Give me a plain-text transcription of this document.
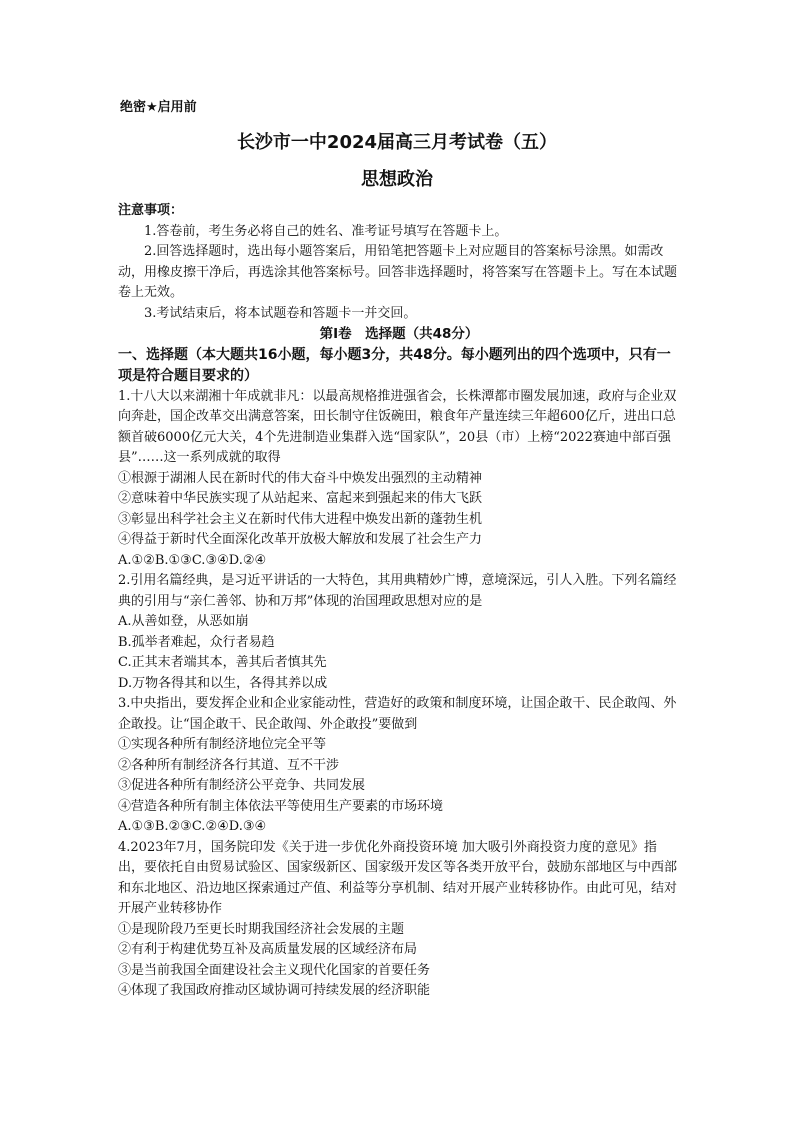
绝密★启用前
长沙市一中2024届高三月考试卷（五）
思想政治
注意事项：
1.答卷前，考生务必将自己的姓名、准考证号填写在答题卡上。
2.回答选择题时，选出每小题答案后，用铅笔把答题卡上对应题目的答案标号涂黑。如需改动，用橡皮擦干净后，再选涂其他答案标号。回答非选择题时，将答案写在答题卡上。写在本试题卷上无效。
3.考试结束后，将本试题卷和答题卡一并交回。
第Ⅰ卷　选择题（共48分）
一、选择题（本大题共16小题，每小题3分，共48分。每小题列出的四个选项中，只有一项是符合题目要求的）
1.十八大以来湖湘十年成就非凡：以最高规格推进强省会，长株潭都市圈发展加速，政府与企业双向奔赴，国企改革交出满意答案，田长制守住饭碗田，粮食年产量连续三年超600亿斤，进出口总额首破6000亿元大关，4个先进制造业集群入选“国家队”，20县（市）上榜“2022赛迪中部百强县”……这一系列成就的取得
①根源于湖湘人民在新时代的伟大奋斗中焕发出强烈的主动精神
②意味着中华民族实现了从站起来、富起来到强起来的伟大飞跃
③彰显出科学社会主义在新时代伟大进程中焕发出新的蓬勃生机
④得益于新时代全面深化改革开放极大解放和发展了社会生产力
A.①②B.①③C.③④D.②④
2.引用名篇经典，是习近平讲话的一大特色，其用典精妙广博，意境深远，引人入胜。下列名篇经典的引用与“亲仁善邻、协和万邦”体现的治国理政思想对应的是
A.从善如登，从恶如崩
B.孤举者难起，众行者易趋
C.正其末者端其本，善其后者慎其先
D.万物各得其和以生，各得其养以成
3.中央指出，要发挥企业和企业家能动性，营造好的政策和制度环境，让国企敢干、民企敢闯、外企敢投。让“国企敢干、民企敢闯、外企敢投”要做到
①实现各种所有制经济地位完全平等
②各种所有制经济各行其道、互不干涉
③促进各种所有制经济公平竞争、共同发展
④营造各种所有制主体依法平等使用生产要素的市场环境
A.①③B.②③C.②④D.③④
4.2023年7月，国务院印发《关于进一步优化外商投资环境 加大吸引外商投资力度的意见》指出，要依托自由贸易试验区、国家级新区、国家级开发区等各类开放平台，鼓励东部地区与中西部和东北地区、沿边地区探索通过产值、利益等分享机制、结对开展产业转移协作。由此可见，结对开展产业转移协作
①是现阶段乃至更长时期我国经济社会发展的主题
②有利于构建优势互补及高质量发展的区域经济布局
③是当前我国全面建设社会主义现代化国家的首要任务
④体现了我国政府推动区域协调可持续发展的经济职能
